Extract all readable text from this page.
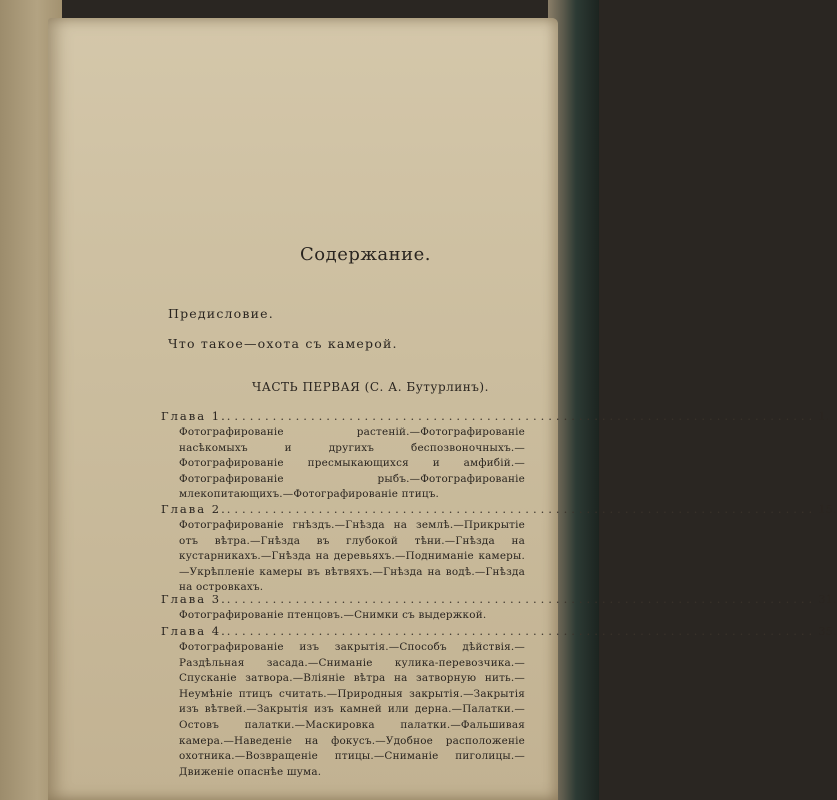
Содержание.
Предисловие.
Что такое—охота съ камерой.
ЧАСТЬ ПЕРВАЯ (С. А. Бутурлинъ).
Глава 1. ............................................................................. 1.

Фотографированіе растеній.—Фотографированіе насѣкомыхъ и другихъ беспозвоночныхъ.—Фотографированіе пресмыкающихся и амфибій.—Фотографированіе рыбъ.—Фотографированіе млекопитающихъ.—Фотографированіе птицъ.

Глава 2. ............................................................................. 15.

Фотографированіе гнѣздъ.—Гнѣзда на землѣ.—Прикрытіе отъ вѣтра.—Гнѣзда въ глубокой тѣни.—Гнѣзда на кустарникахъ.—Гнѣзда на деревьяхъ.—Подниманіе камеры.—Укрѣпленіе камеры въ вѣтвяхъ.—Гнѣзда на водѣ.—Гнѣзда на островкахъ.

Глава 3. ............................................................................. 31.

Фотографированіе птенцовъ.—Снимки съ выдержкой.

Глава 4. ............................................................................. 35.

Фотографированіе изъ закрытія.—Способъ дѣйствія.—Раздѣльная засада.—Сниманіе кулика-перевозчика.—Спусканіе затвора.—Вліяніе вѣтра на затворную нить.—Неумѣніе птицъ считать.—Природныя закрытія.—Закрытія изъ вѣтвей.—Закрытія изъ камней или дерна.—Палатки.—Остовъ палатки.—Маскировка палатки.—Фальшивая камера.—Наведеніе на фокусъ.—Удобное расположеніе охотника.—Возвращеніе птицы.—Сниманіе пиголицы.—Движеніе опаснѣе шума.
